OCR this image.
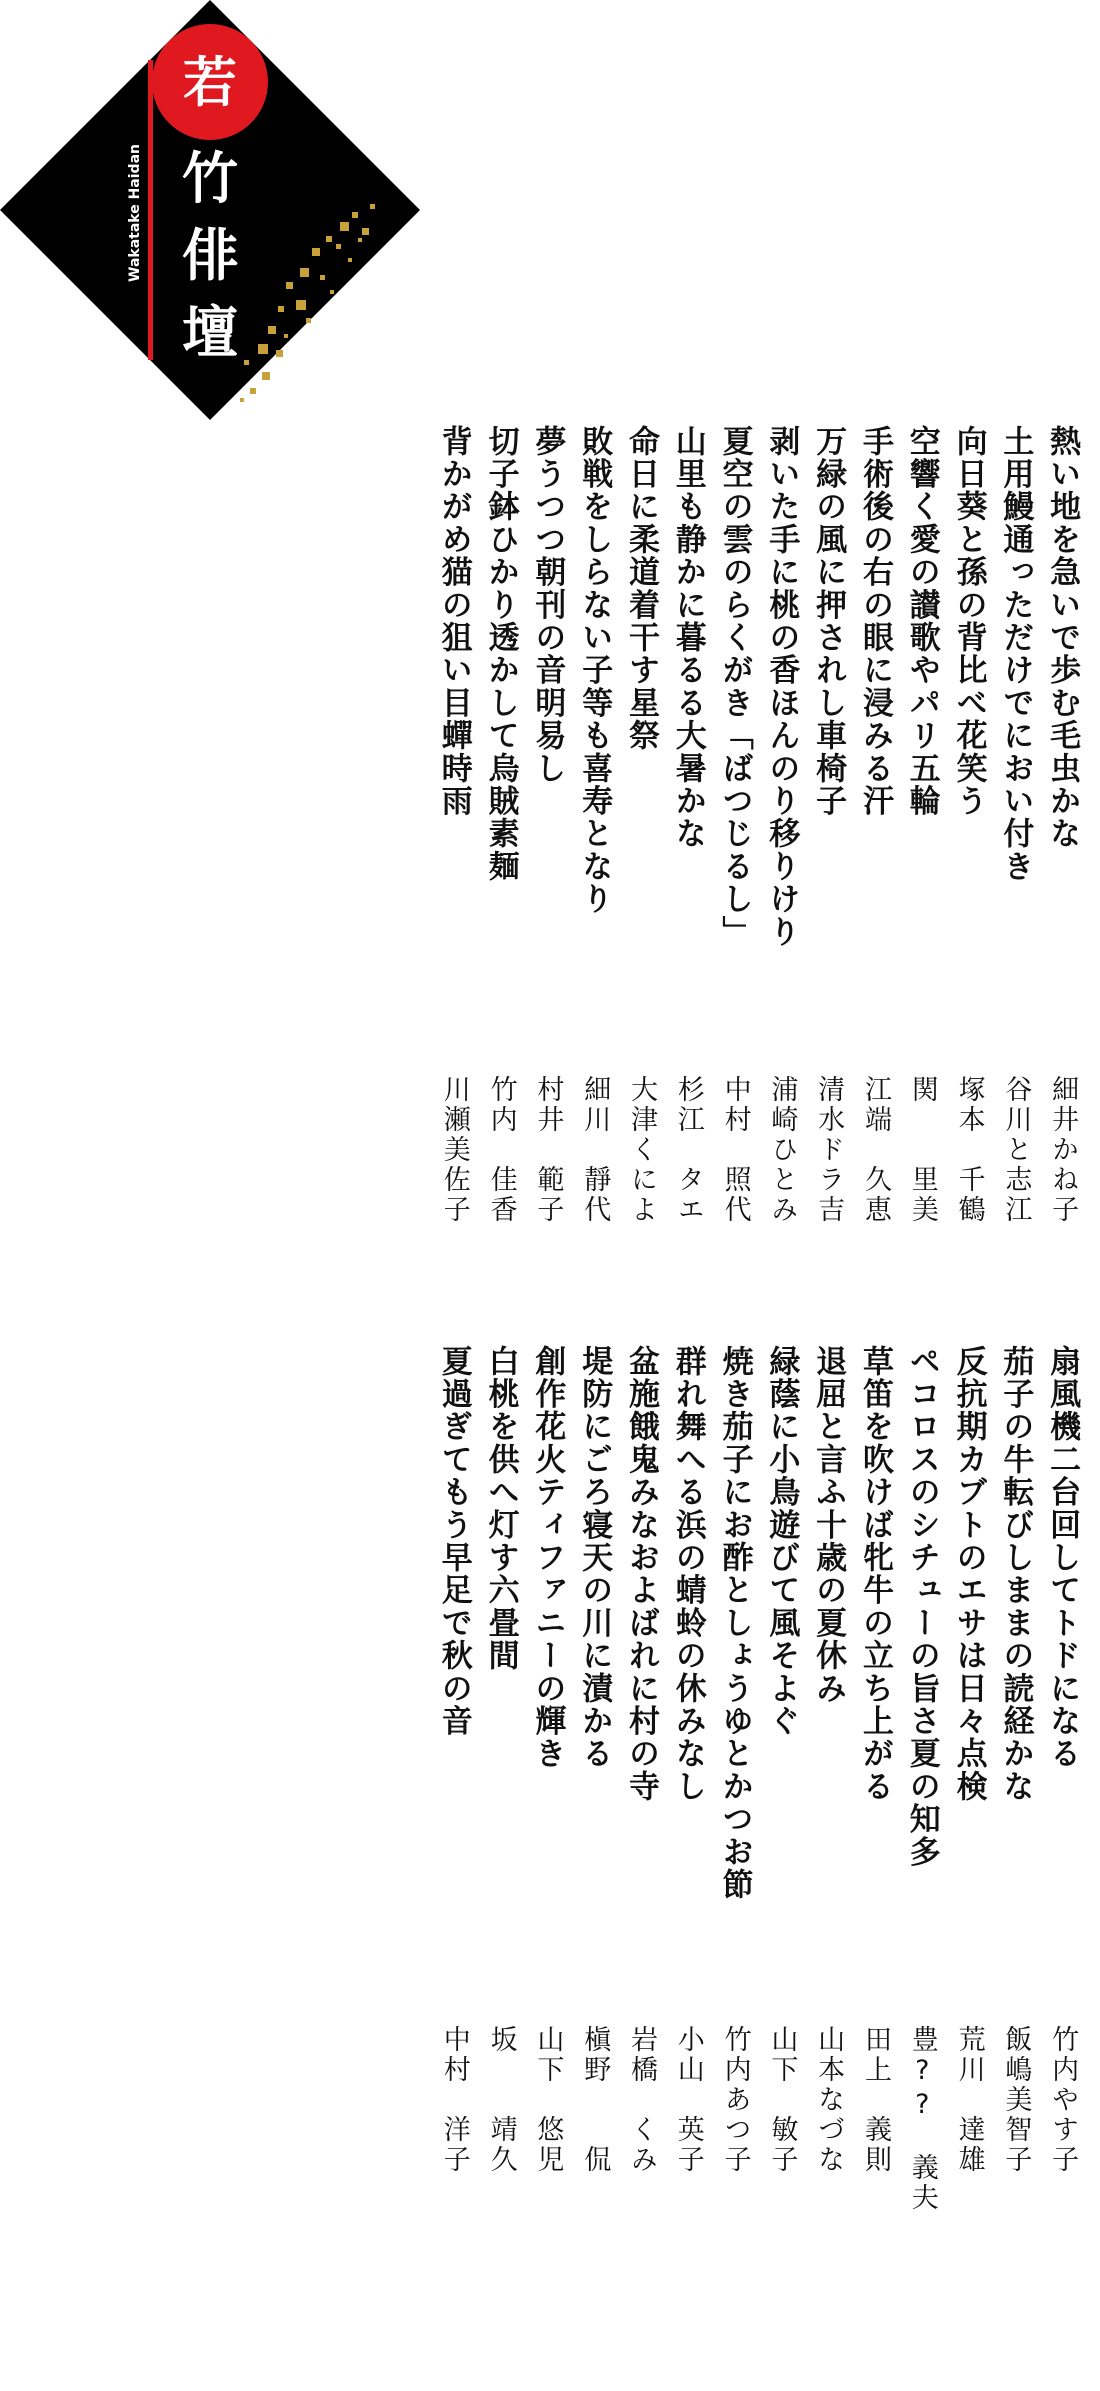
若
竹
俳
壇
Wakatake Haidan
熱い地を急いで歩む毛虫かな
土用鰻通っただけでにおい付き
向日葵と孫の背比べ花笑う
空響く愛の讃歌やパリ五輪
手術後の右の眼に浸みる汗
万緑の風に押されし車椅子
剥いた手に桃の香ほんのり移りけり
夏空の雲のらくがき「ばつじるし」
山里も静かに暮るる大暑かな
命日に柔道着干す星祭
敗戦をしらない子等も喜寿となり
夢うつつ朝刊の音明易し
切子鉢ひかり透かして烏賊素麺
背かがめ猫の狙い目蟬時雨
細井かね子
谷川と志江
塚本　千鶴
関　　里美
江端　久恵
清水ドラ吉
浦崎ひとみ
中村　照代
杉江　タエ
大津くによ
細川　靜代
村井　範子
竹内　佳香
川瀬美佐子
扇風機二台回してトドになる
茄子の牛転びしままの読経かな
反抗期カブトのエサは日々点検
ペコロスのシチューの旨さ夏の知多
草笛を吹けば牝牛の立ち上がる
退屈と言ふ十歳の夏休み
緑蔭に小鳥遊びて風そよぐ
焼き茄子にお酢としょうゆとかつお節
群れ舞へる浜の蜻蛉の休みなし
盆施餓鬼みなおよばれに村の寺
堤防にごろ寝天の川に漬かる
創作花火ティファニーの輝き
白桃を供へ灯す六畳間
夏過ぎてもう早足で秋の音
竹内やす子
飯嶋美智子
荒川　達雄
豊??　義夫
田上　義則
山本なづな
山下　敏子
竹内あつ子
小山　英子
岩橋　くみ
槇野　　侃
山下　悠児
坂　　靖久
中村　洋子
